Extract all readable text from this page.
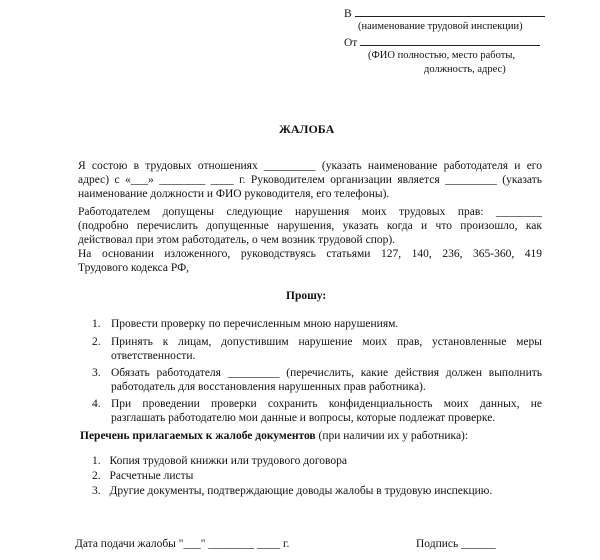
В
(наименование трудовой инспекции)
От
(ФИО полностью, место работы,
должность, адрес)
ЖАЛОБА
Я состою в трудовых отношениях _________ (указать наименование работодателя и его
адрес) с «___» ________ ____ г. Руководителем организации является _________ (указать
наименование должности и ФИО руководителя, его телефоны).
Работодателем допущены следующие нарушения моих трудовых прав: ________
(подробно перечислить допущенные нарушения, указать когда и что произошло, как
действовал при этом работодатель, о чем возник трудовой спор).
На основании изложенного, руководствуясь статьями 127, 140, 236, 365-360, 419
Трудового кодекса РФ,
Прошу:
1. Провести проверку по перечисленным мною нарушениям.
2. Принять к лицам, допустившим нарушение моих прав, установленные меры
ответственности.
3. Обязать работодателя _________ (перечислить, какие действия должен выполнить
работодатель для восстановления нарушенных прав работника).
4. При проведении проверки сохранить конфиденциальность моих данных, не
разглашать работодателю мои данные и вопросы, которые подлежат проверке.
Перечень прилагаемых к жалобе документов (при наличии их у работника):
1. Копия трудовой книжки или трудового договора
2. Расчетные листы
3. Другие документы, подтверждающие доводы жалобы в трудовую инспекцию.
Дата подачи жалобы "___" ________ ____ г.	Подпись ______
